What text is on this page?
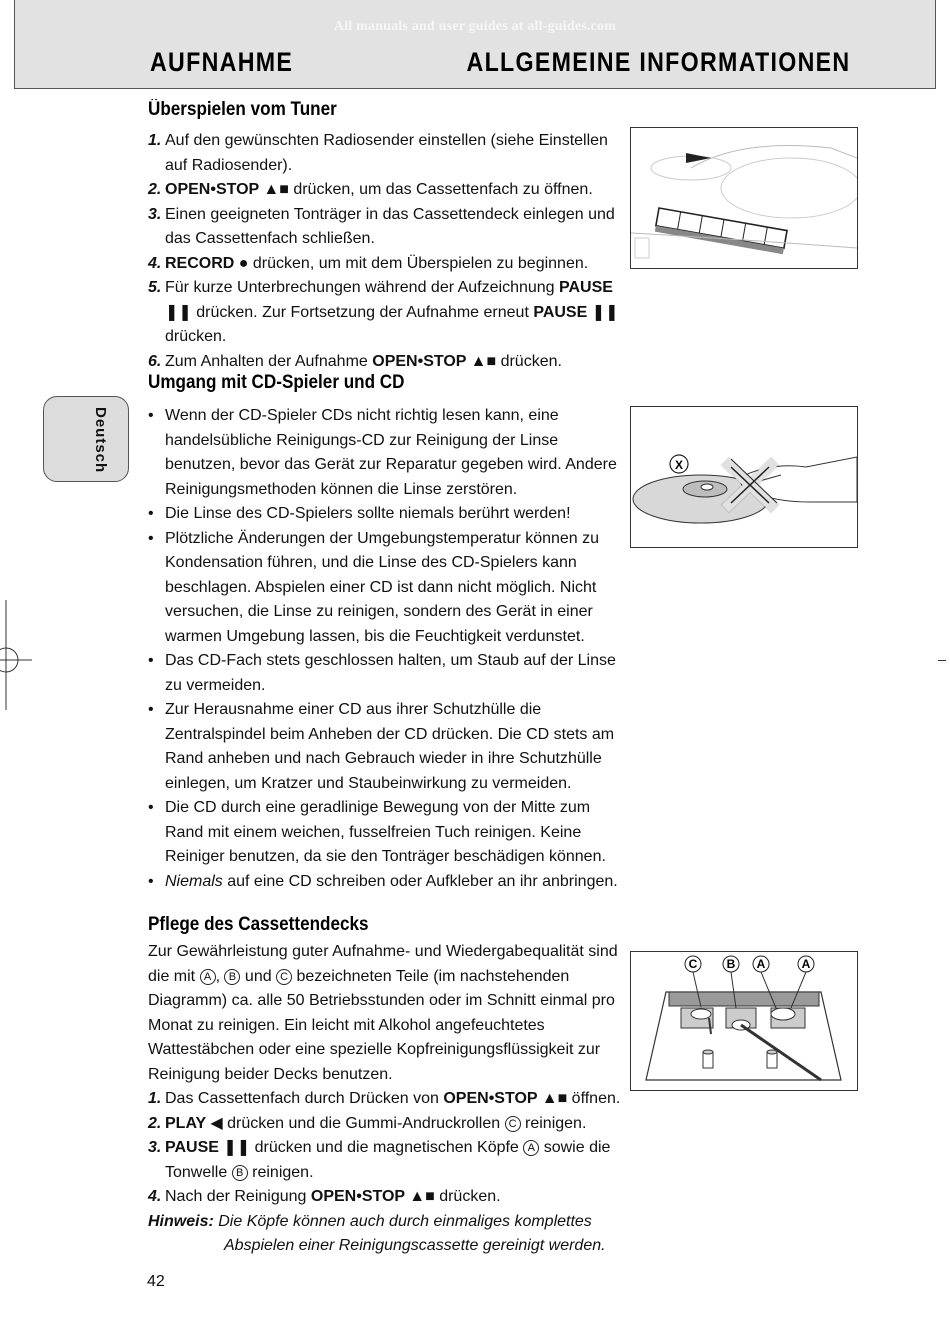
All manuals and user guides at all-guides.com
AUFNAHME	ALLGEMEINE INFORMATIONEN
Deutsch
Überspielen vom Tuner

1. Auf den gewünschten Radiosender einstellen (siehe Einstellen auf Radiosender).

2. OPEN•STOP ▲■ drücken, um das Cassettenfach zu öffnen.

3. Einen geeigneten Tonträger in das Cassettendeck einlegen und das Cassettenfach schließen.

4. RECORD ● drücken, um mit dem Überspielen zu beginnen.

5. Für kurze Unterbrechungen während der Aufzeichnung PAUSE ❚❚ drücken. Zur Fortsetzung der Aufnahme erneut PAUSE ❚❚ drücken.

6. Zum Anhalten der Aufnahme OPEN•STOP ▲■ drücken.

Umgang mit CD-Spieler und CD

• Wenn der CD-Spieler CDs nicht richtig lesen kann, eine handelsübliche Reinigungs-CD zur Reinigung der Linse benutzen, bevor das Gerät zur Reparatur gegeben wird. Andere Reinigungsmethoden können die Linse zerstören.

• Die Linse des CD-Spielers sollte niemals berührt werden!

• Plötzliche Änderungen der Umgebungstemperatur können zu Kondensation führen, und die Linse des CD-Spielers kann beschlagen. Abspielen einer CD ist dann nicht möglich. Nicht versuchen, die Linse zu reinigen, sondern des Gerät in einer warmen Umgebung lassen, bis die Feuchtigkeit verdunstet.

• Das CD-Fach stets geschlossen halten, um Staub auf der Linse zu vermeiden.

• Zur Herausnahme einer CD aus ihrer Schutzhülle die Zentralspindel beim Anheben der CD drücken. Die CD stets am Rand anheben und nach Gebrauch wieder in ihre Schutzhülle einlegen, um Kratzer und Staubeinwirkung zu vermeiden.

• Die CD durch eine geradlinige Bewegung von der Mitte zum Rand mit einem weichen, fusselfreien Tuch reinigen. Keine Reiniger benutzen, da sie den Tonträger beschädigen können.

• Niemals auf eine CD schreiben oder Aufkleber an ihr anbringen.

X
Pflege des Cassettendecks

Zur Gewährleistung guter Aufnahme- und Wiedergabequalität sind die mit A , B und C bezeichneten Teile (im nachstehenden Diagramm) ca. alle 50 Betriebsstunden oder im Schnitt einmal pro Monat zu reinigen. Ein leicht mit Alkohol angefeuchtetes Wattestäbchen oder eine spezielle Kopfreinigungsflüssigkeit zur Reinigung beider Decks benutzen.

1. Das Cassettenfach durch Drücken von OPEN•STOP ▲■ öffnen.

2. PLAY ◀ drücken und die Gummi-Andruckrollen C reinigen.

3. PAUSE ❚❚ drücken und die magnetischen Köpfe A sowie die Tonwelle B reinigen.

4. Nach der Reinigung OPEN•STOP ▲■ drücken.

Hinweis: Die Köpfe können auch durch einmaliges komplettes

Abspielen einer Reinigungscassette gereinigt werden.

C B A	A
42
